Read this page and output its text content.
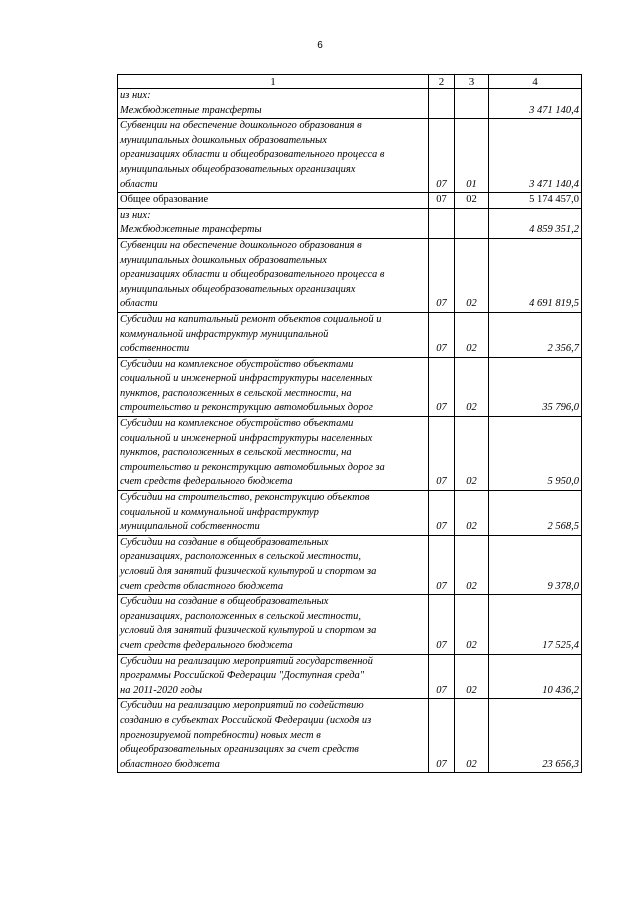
6
1	2	3	4

из них:
Межбюджетные трансферты			3 471 140,4

Субвенции на обеспечение дошкольного образования в
муниципальных дошкольных образовательных
организациях области и общеобразовательного процесса в
муниципальных общеобразовательных организациях
области	07	01	3 471 140,4

Общее образование	07	02	5 174 457,0

из них:
Межбюджетные трансферты			4 859 351,2

Субвенции на обеспечение дошкольного образования в
муниципальных дошкольных образовательных
организациях области и общеобразовательного процесса в
муниципальных общеобразовательных организациях
области	07	02	4 691 819,5

Субсидии на капитальный ремонт объектов социальной и
коммунальной инфраструктур муниципальной
собственности	07	02	2 356,7

Субсидии на комплексное обустройство объектами
социальной и инженерной инфраструктуры населенных
пунктов, расположенных в сельской местности, на
строительство и реконструкцию автомобильных дорог	07	02	35 796,0

Субсидии на комплексное обустройство объектами
социальной и инженерной инфраструктуры населенных
пунктов, расположенных в сельской местности, на
строительство и реконструкцию автомобильных дорог за
счет средств федерального бюджета	07	02	5 950,0

Субсидии на строительство, реконструкцию объектов
социальной и коммунальной инфраструктур
муниципальной собственности	07	02	2 568,5

Субсидии на создание в общеобразовательных
организациях, расположенных в сельской местности,
условий для занятий физической культурой и спортом за
счет средств областного бюджета	07	02	9 378,0

Субсидии на создание в общеобразовательных
организациях, расположенных в сельской местности,
условий для занятий физической культурой и спортом за
счет средств федерального бюджета	07	02	17 525,4

Субсидии на реализацию мероприятий государственной
программы Российской Федерации "Доступная среда"
на 2011-2020 годы	07	02	10 436,2

Субсидии на реализацию мероприятий по содействию
созданию в субъектах Российской Федерации (исходя из
прогнозируемой потребности) новых мест в
общеобразовательных организациях за счет средств
областного бюджета	07	02	23 656,3
